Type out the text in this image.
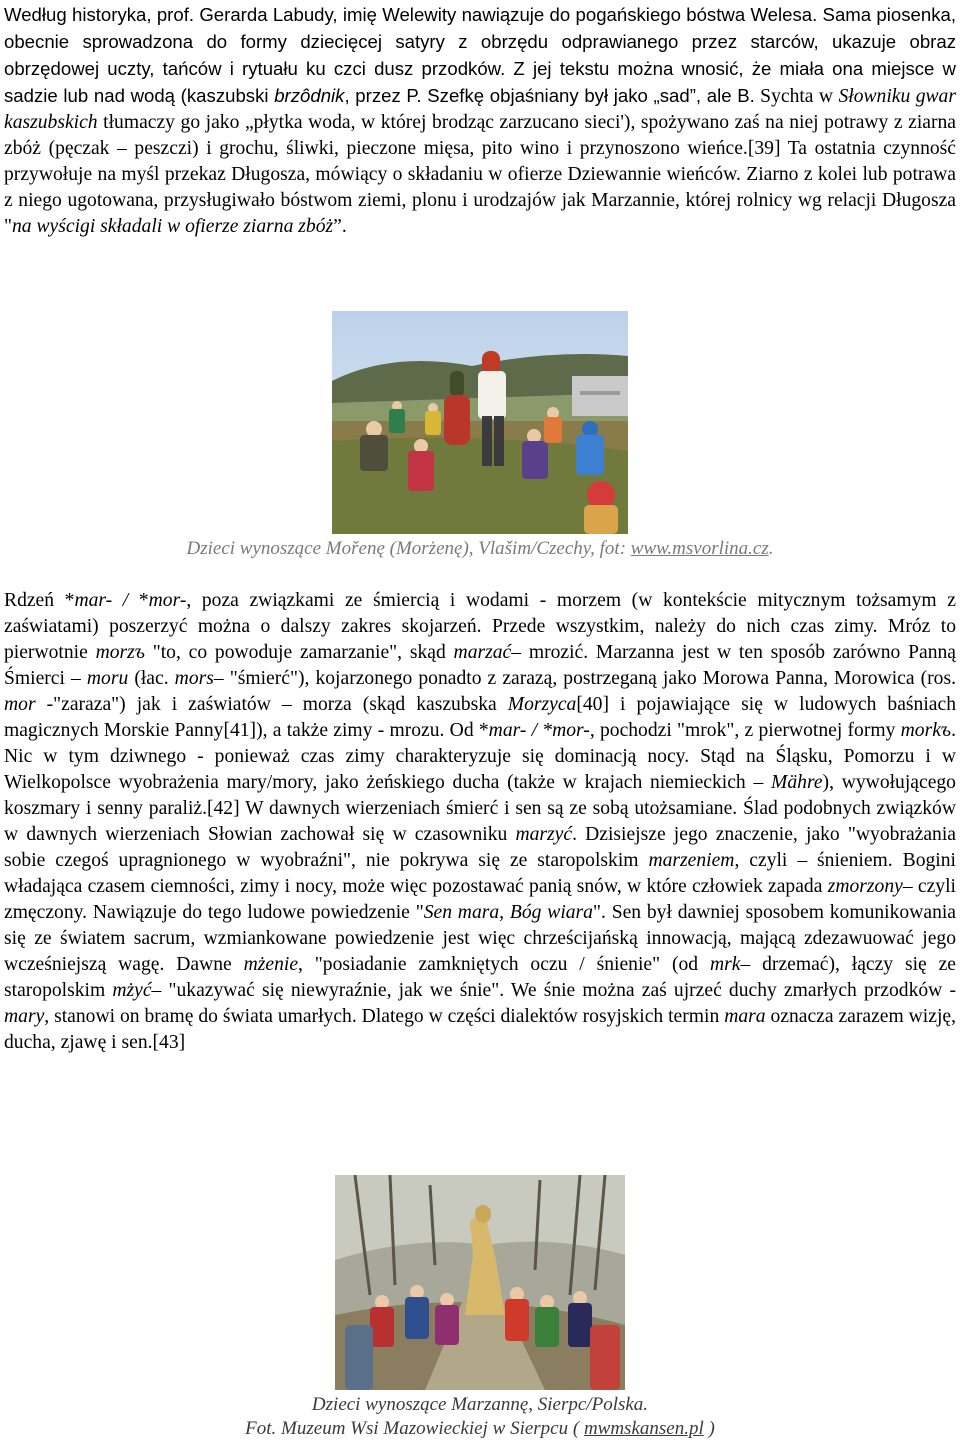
Według historyka, prof. Gerarda Labudy, imię Welewity nawiązuje do pogańskiego bóstwa Welesa. Sama piosenka, obecnie sprowadzona do formy dziecięcej satyry z obrzędu odprawianego przez starców, ukazuje obraz obrzędowej uczty, tańców i rytuału ku czci dusz przodków. Z jej tekstu można wnosić, że miała ona miejsce w sadzie lub nad wodą (kaszubski brzôdnik, przez P. Szefkę objaśniany był jako „sad”, ale B. Sychta w Słowniku gwar kaszubskich tłumaczy go jako „płytka woda, w której brodząc zarzucano sieci'), spożywano zaś na niej potrawy z ziarna zbóż (pęczak – peszczi) i grochu, śliwki, pieczone mięsa, pito wino i przynoszono wieńce.[39] Ta ostatnia czynność przywołuje na myśl przekaz Długosza, mówiący o składaniu w ofierze Dziewannie wieńców. Ziarno z kolei lub potrawa z niego ugotowana, przysługiwało bóstwom ziemi, plonu i urodzajów jak Marzannie, której rolnicy wg relacji Długosza "na wyścigi składali w ofierze ziarna zbóż”.

Dzieci wynoszące Mořenę (Morżenę), Vlašim/Czechy, fot: www.msvorlina.cz.

Rdzeń *mar- / *mor-, poza związkami ze śmiercią i wodami - morzem (w kontekście mitycznym tożsamym z zaświatami) poszerzyć można o dalszy zakres skojarzeń. Przede wszystkim, należy do nich czas zimy. Mróz to pierwotnie morzъ "to, co powoduje zamarzanie", skąd marzać– mrozić. Marzanna jest w ten sposób zarówno Panną Śmierci – moru (łac. mors– "śmierć"), kojarzonego ponadto z zarazą, postrzeganą jako Morowa Panna, Morowica (ros. mor -"zaraza") jak i zaświatów – morza (skąd kaszubska Morzyca[40] i pojawiające się w ludowych baśniach magicznych Morskie Panny[41]), a także zimy - mrozu. Od *mar- / *mor-, pochodzi "mrok", z pierwotnej formy morkъ. Nic w tym dziwnego - ponieważ czas zimy charakteryzuje się dominacją nocy. Stąd na Śląsku, Pomorzu i w Wielkopolsce wyobrażenia mary/mory, jako żeńskiego ducha (także w krajach niemieckich – Mähre), wywołującego koszmary i senny paraliż.[42] W dawnych wierzeniach śmierć i sen są ze sobą utożsamiane. Ślad podobnych związków w dawnych wierzeniach Słowian zachował się w czasowniku marzyć. Dzisiejsze jego znaczenie, jako "wyobrażania sobie czegoś upragnionego w wyobraźni", nie pokrywa się ze staropolskim marzeniem, czyli – śnieniem. Bogini władająca czasem ciemności, zimy i nocy, może więc pozostawać panią snów, w które człowiek zapada zmorzony– czyli zmęczony. Nawiązuje do tego ludowe powiedzenie "Sen mara, Bóg wiara". Sen był dawniej sposobem komunikowania się ze światem sacrum, wzmiankowane powiedzenie jest więc chrześcijańską innowacją, mającą zdezawuować jego wcześniejszą wagę. Dawne mżenie, "posiadanie zamkniętych oczu / śnienie" (od mrk– drzemać), łączy się ze staropolskim mżyć– "ukazywać się niewyraźnie, jak we śnie". We śnie można zaś ujrzeć duchy zmarłych przodków - mary, stanowi on bramę do świata umarłych. Dlatego w części dialektów rosyjskich termin mara oznacza zarazem wizję, ducha, zjawę i sen.[43]

Dzieci wynoszące Marzannę, Sierpc/Polska.
Fot. Muzeum Wsi Mazowieckiej w Sierpcu ( mwmskansen.pl )
